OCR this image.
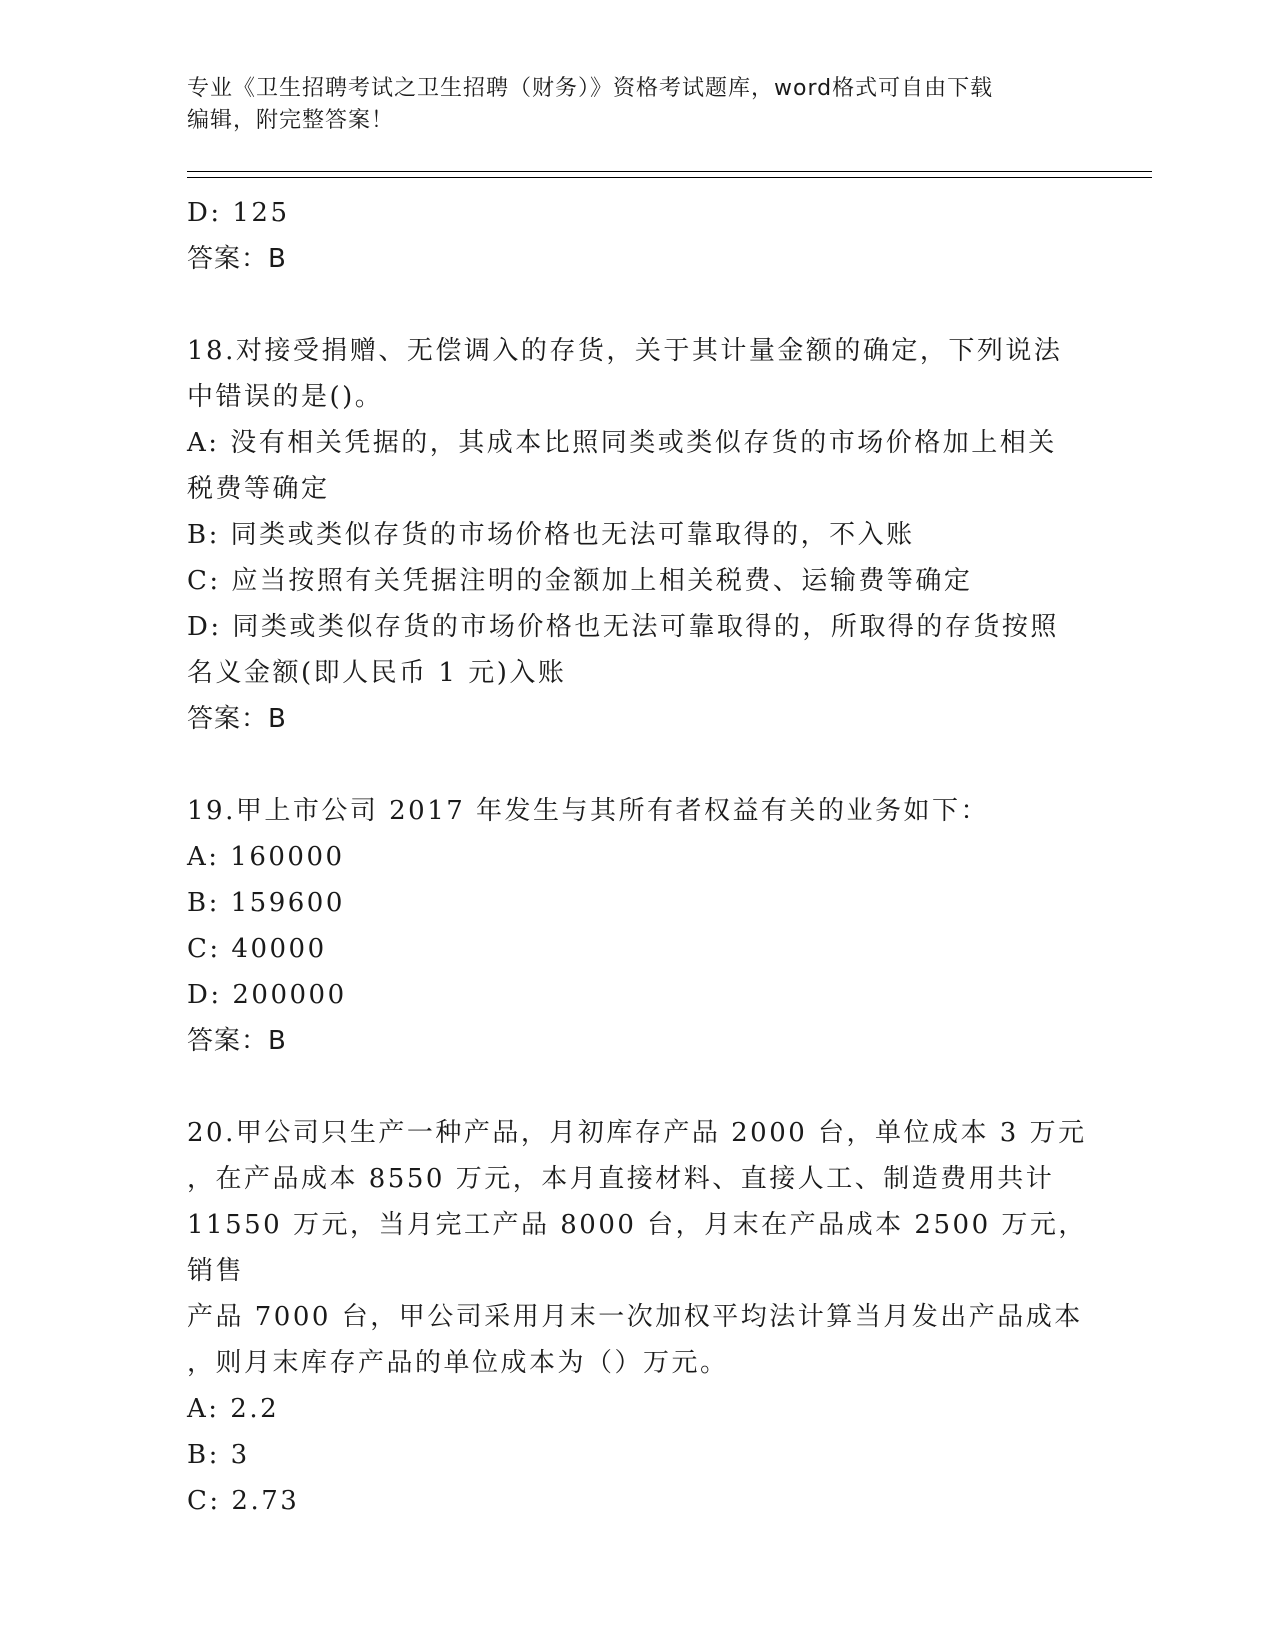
专业《卫生招聘考试之卫生招聘（财务）》资格考试题库，word格式可自由下载
编辑，附完整答案！
D: 125
答案：B
18.对接受捐赠、无偿调入的存货，关于其计量金额的确定，下列说法
中错误的是()。
A: 没有相关凭据的，其成本比照同类或类似存货的市场价格加上相关
税费等确定
B: 同类或类似存货的市场价格也无法可靠取得的，不入账
C: 应当按照有关凭据注明的金额加上相关税费、运输费等确定
D: 同类或类似存货的市场价格也无法可靠取得的，所取得的存货按照
名义金额(即人民币 1 元)入账
答案：B
19.甲上市公司 2017 年发生与其所有者权益有关的业务如下：
A: 160000
B: 159600
C: 40000
D: 200000
答案：B
20.甲公司只生产一种产品，月初库存产品 2000 台，单位成本 3 万元
，在产品成本 8550 万元，本月直接材料、直接人工、制造费用共计
11550 万元，当月完工产品 8000 台，月末在产品成本 2500 万元，销售
产品 7000 台，甲公司采用月末一次加权平均法计算当月发出产品成本
，则月末库存产品的单位成本为（）万元。
A: 2.2
B: 3
C: 2.73
